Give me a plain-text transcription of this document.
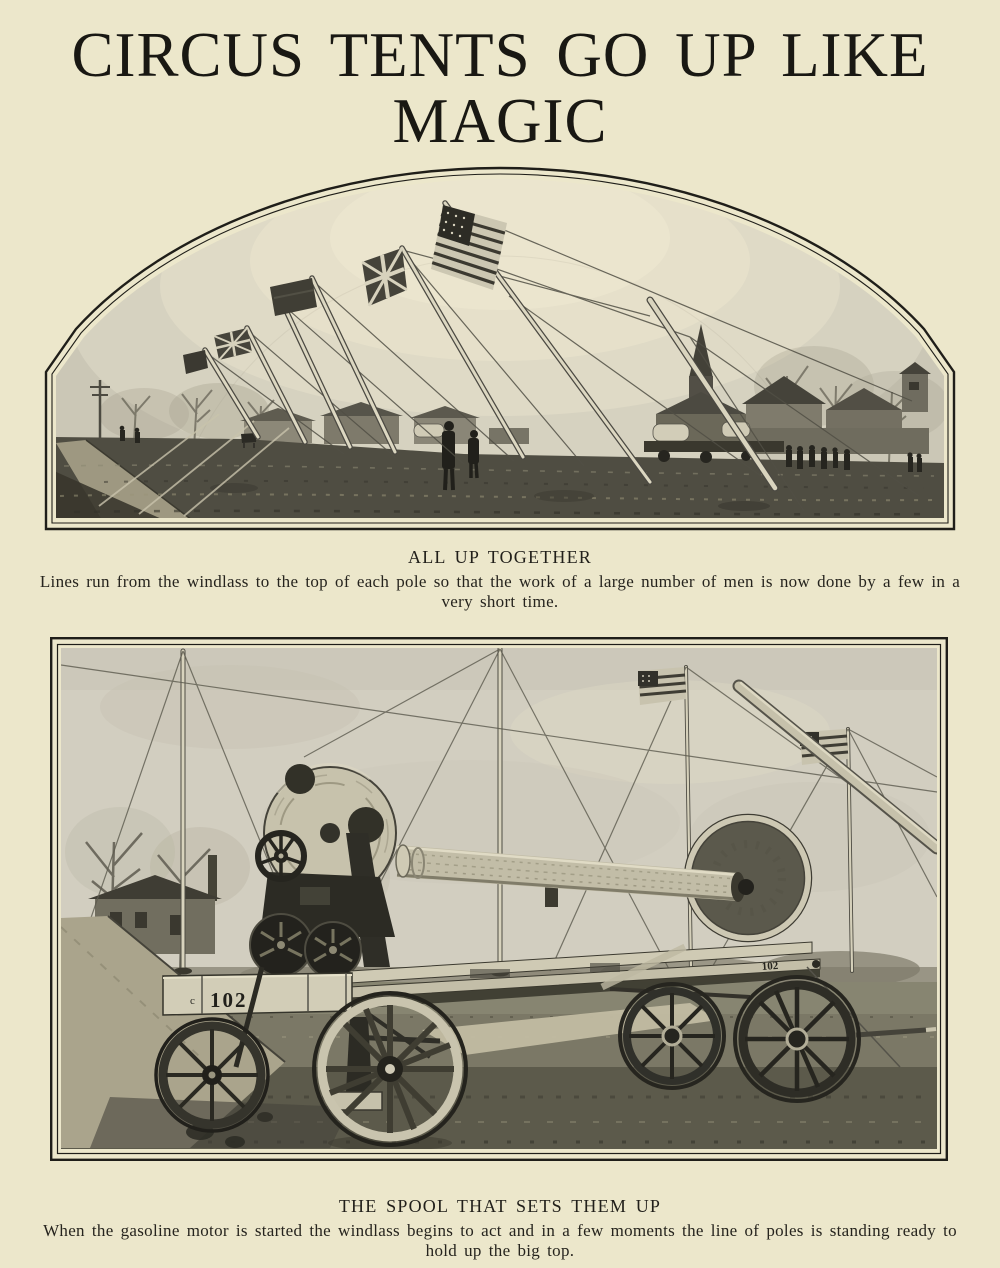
CIRCUS TENTS GO UP LIKE
MAGIC
ALL UP TOGETHER
Lines run from the windlass to the top of each pole so that the work of a large number of men is now done by a few in a very short time.
102
c 102
THE SPOOL THAT SETS THEM UP
When the gasoline motor is started the windlass begins to act and in a few moments the line of poles is standing ready to hold up the big top.
